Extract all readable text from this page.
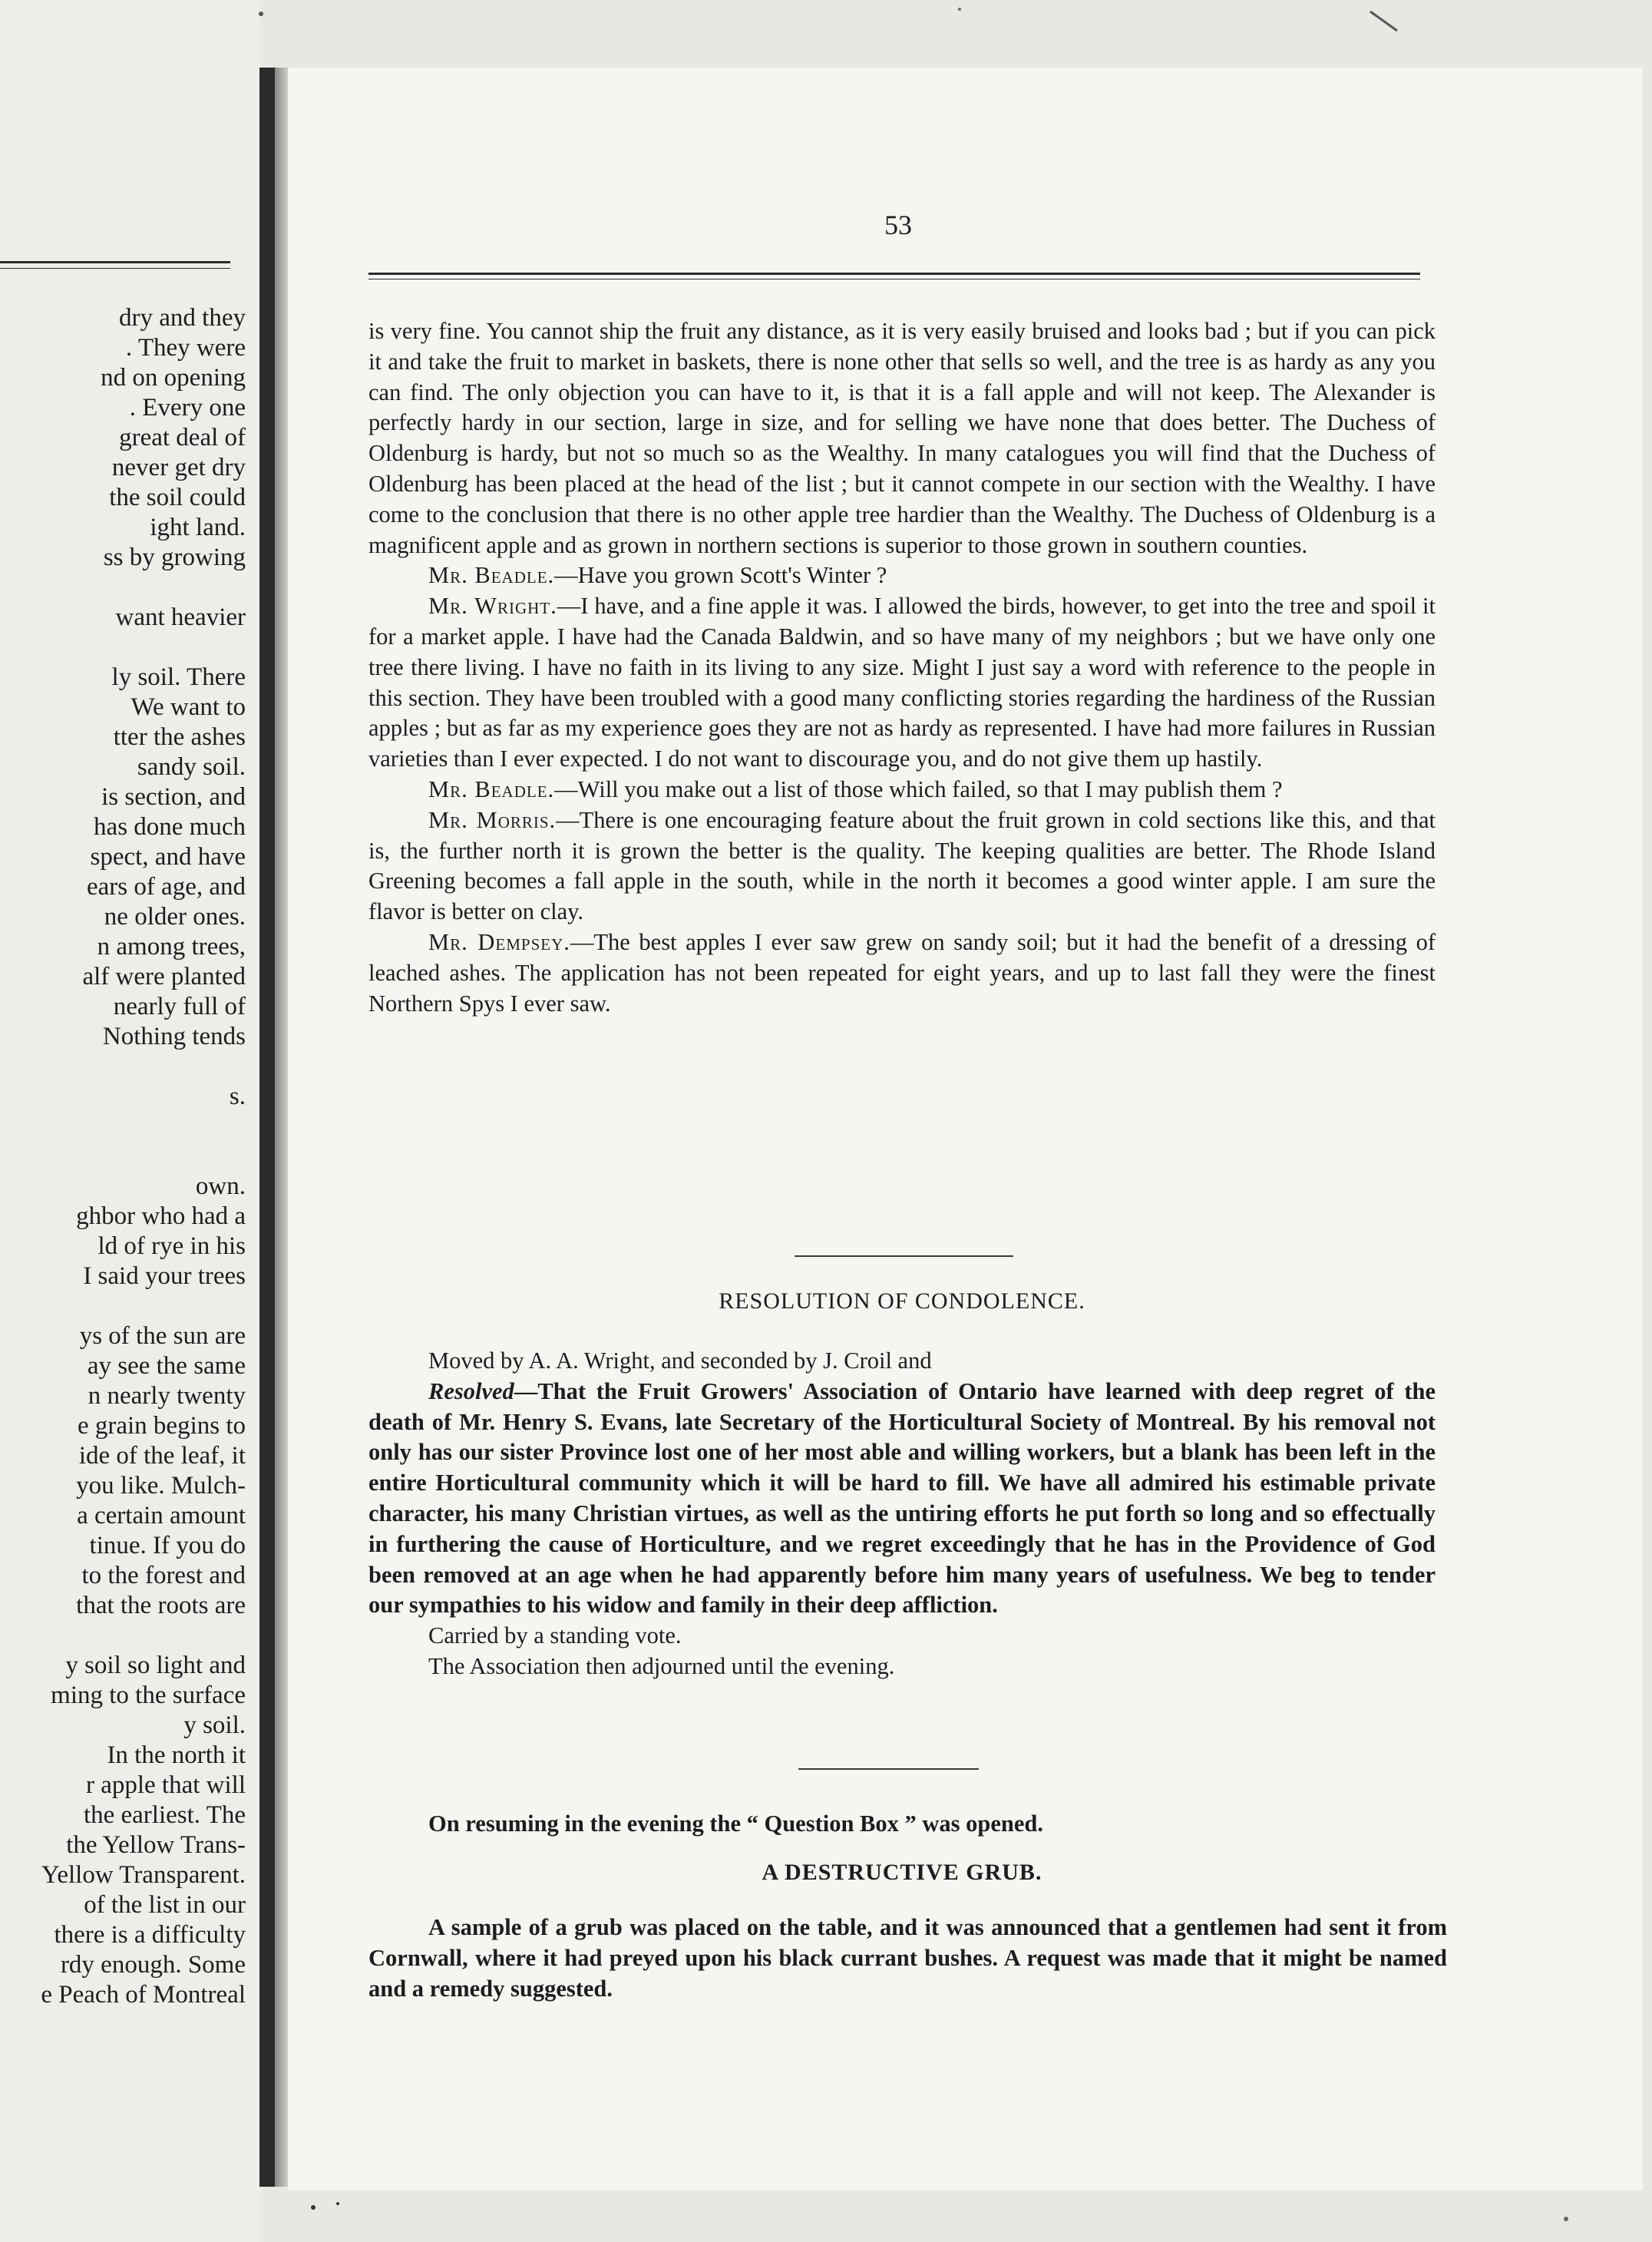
dry and they
. They were
nd on opening
. Every one
great deal of
never get dry
the soil could
ight land.
ss by growing
want heavier
ly soil. There
We want to
tter the ashes
sandy soil.
is section, and
has done much
spect, and have
ears of age, and
ne older ones.
n among trees,
alf were planted
nearly full of
Nothing tends
s.
own.
ghbor who had a
ld of rye in his
I said your trees
ys of the sun are
ay see the same
n nearly twenty
e grain begins to
ide of the leaf, it
you like. Mulch-
a certain amount
tinue. If you do
to the forest and
that the roots are
y soil so light and
ming to the surface
y soil.
In the north it
r apple that will
the earliest. The
the Yellow Trans-
Yellow Transparent.
of the list in our
there is a difficulty
rdy enough. Some
e Peach of Montreal
53

is very fine. You cannot ship the fruit any distance, as it is very easily bruised and looks bad ; but if you can pick it and take the fruit to market in baskets, there is none other that sells so well, and the tree is as hardy as any you can find. The only objection you can have to it, is that it is a fall apple and will not keep. The Alexander is perfectly hardy in our section, large in size, and for selling we have none that does better. The Duchess of Oldenburg is hardy, but not so much so as the Wealthy. In many catalogues you will find that the Duchess of Oldenburg has been placed at the head of the list ; but it cannot compete in our section with the Wealthy. I have come to the conclusion that there is no other apple tree hardier than the Wealthy. The Duchess of Oldenburg is a magnificent apple and as grown in northern sections is superior to those grown in southern counties.

Mr. Beadle.—Have you grown Scott's Winter ?

Mr. Wright.—I have, and a fine apple it was. I allowed the birds, however, to get into the tree and spoil it for a market apple. I have had the Canada Baldwin, and so have many of my neighbors ; but we have only one tree there living. I have no faith in its living to any size. Might I just say a word with reference to the people in this section. They have been troubled with a good many conflicting stories regarding the hardiness of the Russian apples ; but as far as my experience goes they are not as hardy as represented. I have had more failures in Russian varieties than I ever expected. I do not want to discourage you, and do not give them up hastily.

Mr. Beadle.—Will you make out a list of those which failed, so that I may publish them ?

Mr. Morris.—There is one encouraging feature about the fruit grown in cold sections like this, and that is, the further north it is grown the better is the quality. The keeping qualities are better. The Rhode Island Greening becomes a fall apple in the south, while in the north it becomes a good winter apple. I am sure the flavor is better on clay.

Mr. Dempsey.—The best apples I ever saw grew on sandy soil; but it had the benefit of a dressing of leached ashes. The application has not been repeated for eight years, and up to last fall they were the finest Northern Spys I ever saw.

RESOLUTION OF CONDOLENCE.

Moved by A. A. Wright, and seconded by J. Croil and

Resolved—That the Fruit Growers' Association of Ontario have learned with deep regret of the death of Mr. Henry S. Evans, late Secretary of the Horticultural Society of Montreal. By his removal not only has our sister Province lost one of her most able and willing workers, but a blank has been left in the entire Horticultural community which it will be hard to fill. We have all admired his estimable private character, his many Christian virtues, as well as the untiring efforts he put forth so long and so effectually in furthering the cause of Horticulture, and we regret exceedingly that he has in the Providence of God been removed at an age when he had apparently before him many years of usefulness. We beg to tender our sympathies to his widow and family in their deep affliction.

Carried by a standing vote.

The Association then adjourned until the evening.

On resuming in the evening the “ Question Box ” was opened.

A DESTRUCTIVE GRUB.

A sample of a grub was placed on the table, and it was announced that a gentlemen had sent it from Cornwall, where it had preyed upon his black currant bushes. A request was made that it might be named and a remedy suggested.
